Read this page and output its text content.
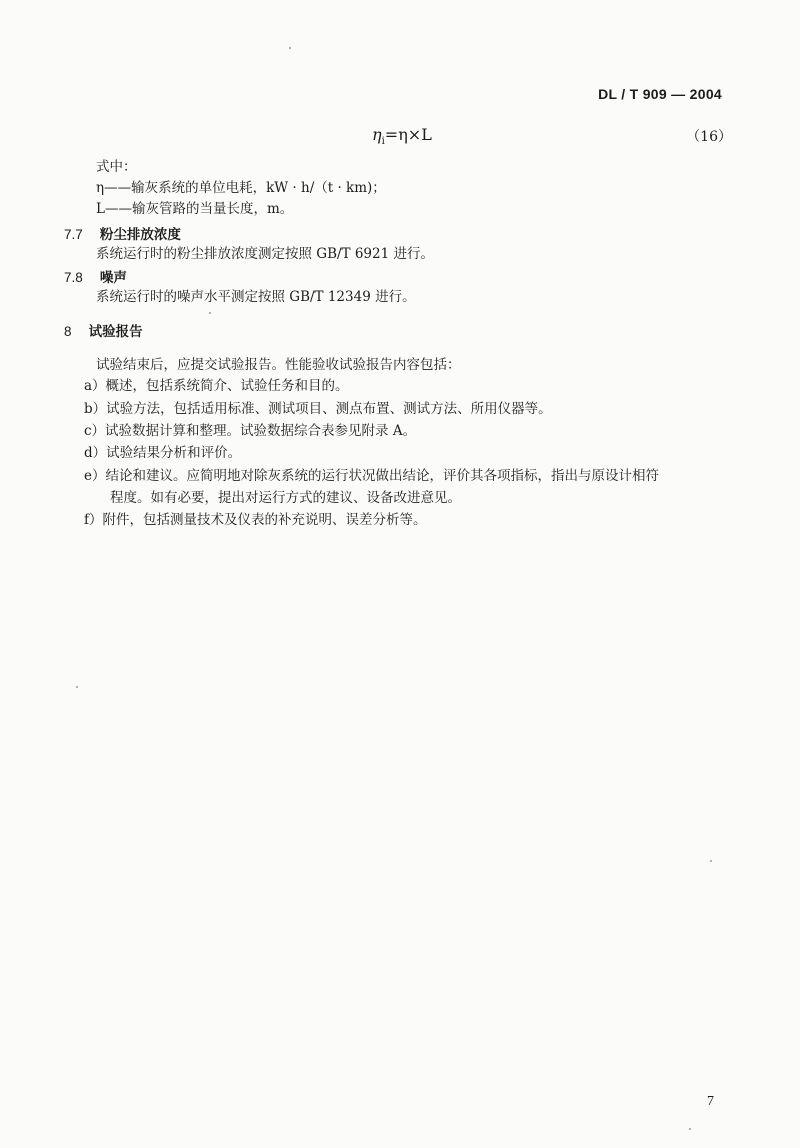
DL / T 909 — 2004
$\eta_i=\eta\times L$	（16）
式中：
η——输灰系统的单位电耗，kW · h/（t · km)；
L——输灰管路的当量长度，m。
7.7 粉尘排放浓度
系统运行时的粉尘排放浓度测定按照 GB/T 6921 进行。
7.8 噪声
系统运行时的噪声水平测定按照 GB/T 12349 进行。
8 试验报告
试验结束后，应提交试验报告。性能验收试验报告内容包括：
a）概述，包括系统简介、试验任务和目的。
b）试验方法，包括适用标准、测试项目、测点布置、测试方法、所用仪器等。
c）试验数据计算和整理。试验数据综合表参见附录 A。
d）试验结果分析和评价。
e）结论和建议。应简明地对除灰系统的运行状况做出结论，评价其各项指标，指出与原设计相符
程度。如有必要，提出对运行方式的建议、设备改进意见。
f）附件，包括测量技术及仪表的补充说明、误差分析等。
7
